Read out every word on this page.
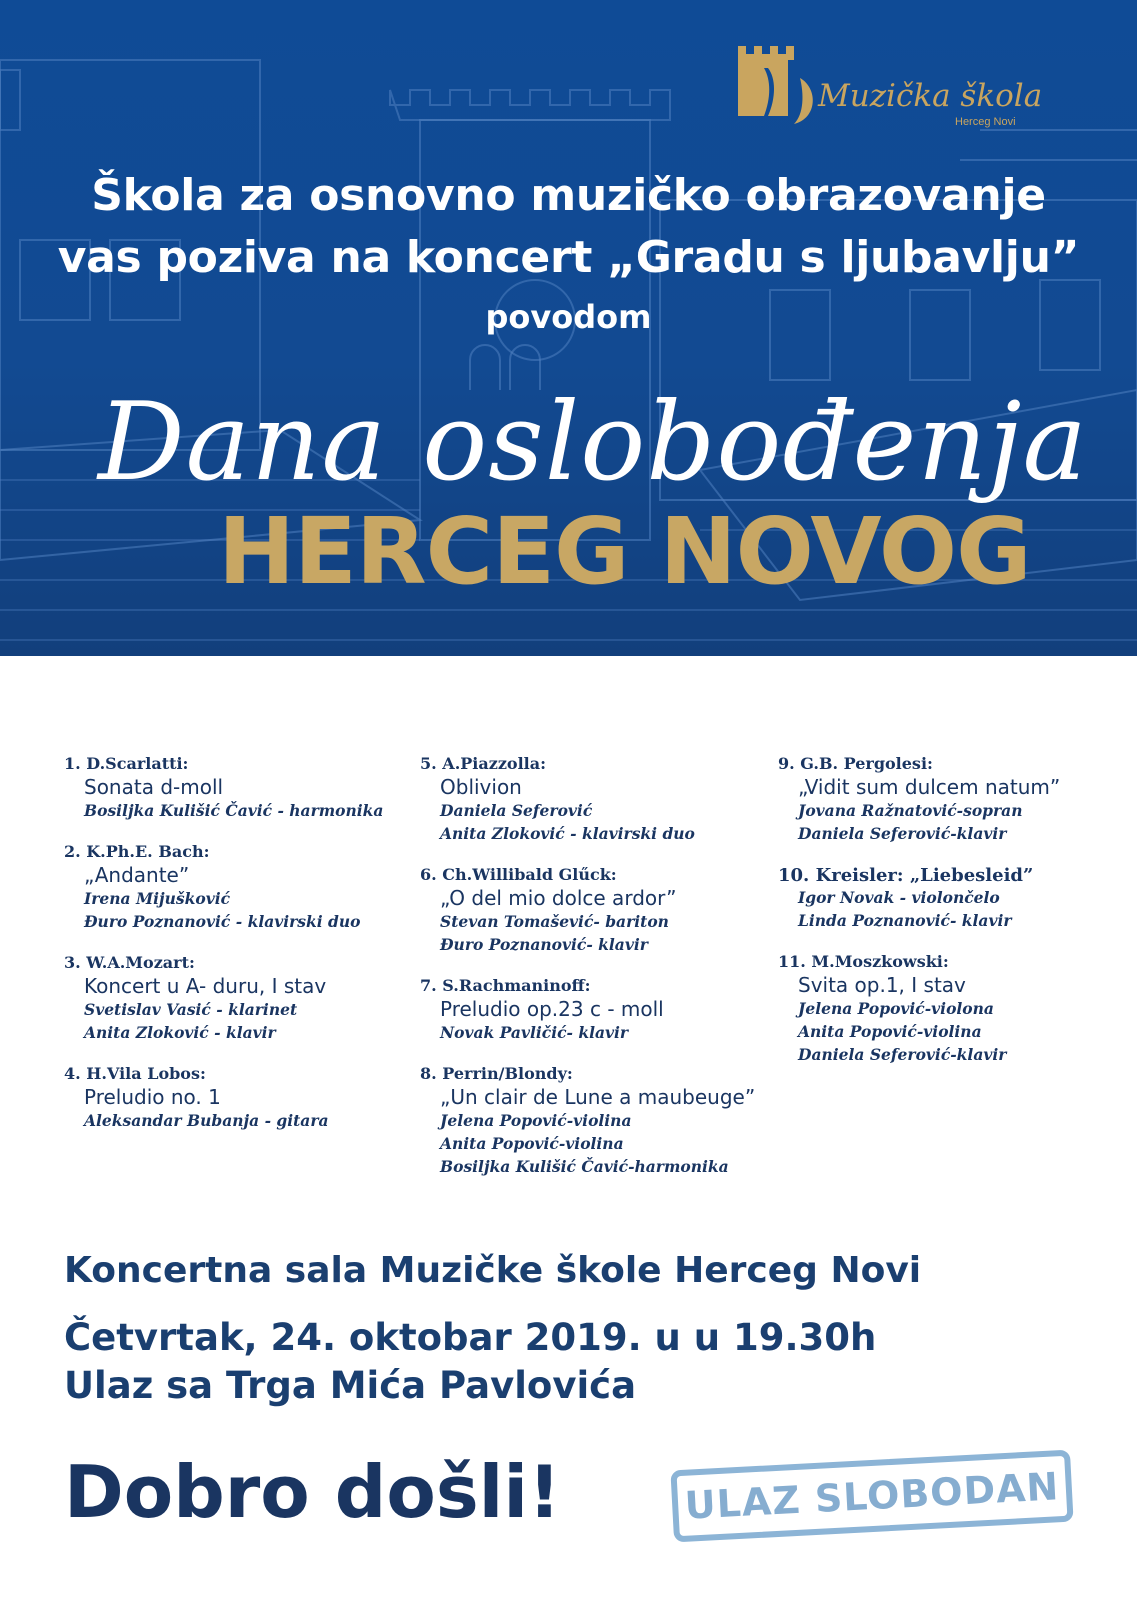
Muzička škola
Herceg Novi
Škola za osnovno muzičko obrazovanje
vas poziva na koncert „Gradu s ljubavlju”
povodom
HERCEG NOVOG
Dana oslobođenja
1. D.Scarlatti:
Sonata d-moll
Bosiljka Kulišić Čavić - harmonika
2. K.Ph.E. Bach:
„Andante”
Irena Mijušković
Đuro Poznanović - klavirski duo
3. W.A.Mozart:
Koncert u A- duru, I stav
Svetislav Vasić - klarinet
Anita Zloković - klavir
4. H.Vila Lobos:
Preludio no. 1
Aleksandar Bubanja - gitara
5. A.Piazzolla:
Oblivion
Daniela Seferović
Anita Zloković - klavirski duo
6. Ch.Willibald Glűck:
„O del mio dolce ardor”
Stevan Tomašević- bariton
Đuro Poznanović- klavir
7. S.Rachmaninoff:
Preludio op.23 c - moll
Novak Pavličić- klavir
8. Perrin/Blondy:
„Un clair de Lune a maubeuge”
Jelena Popović-violina
Anita Popović-violina
Bosiljka Kulišić Čavić-harmonika
9. G.B. Pergolesi:
„Vidit sum dulcem natum”
Jovana Ražnatović-sopran
Daniela Seferović-klavir
10. Kreisler: „Liebesleid”
Igor Novak - violončelo
Linda Poznanović- klavir
11. M.Moszkowski:
Svita op.1, I stav
Jelena Popović-violona
Anita Popović-violina
Daniela Seferović-klavir
Koncertna sala Muzičke škole Herceg Novi
Četvrtak, 24. oktobar 2019. u u 19.30h
Ulaz sa Trga Mića Pavlovića
Dobro došli!	ULAZ SLOBODAN
